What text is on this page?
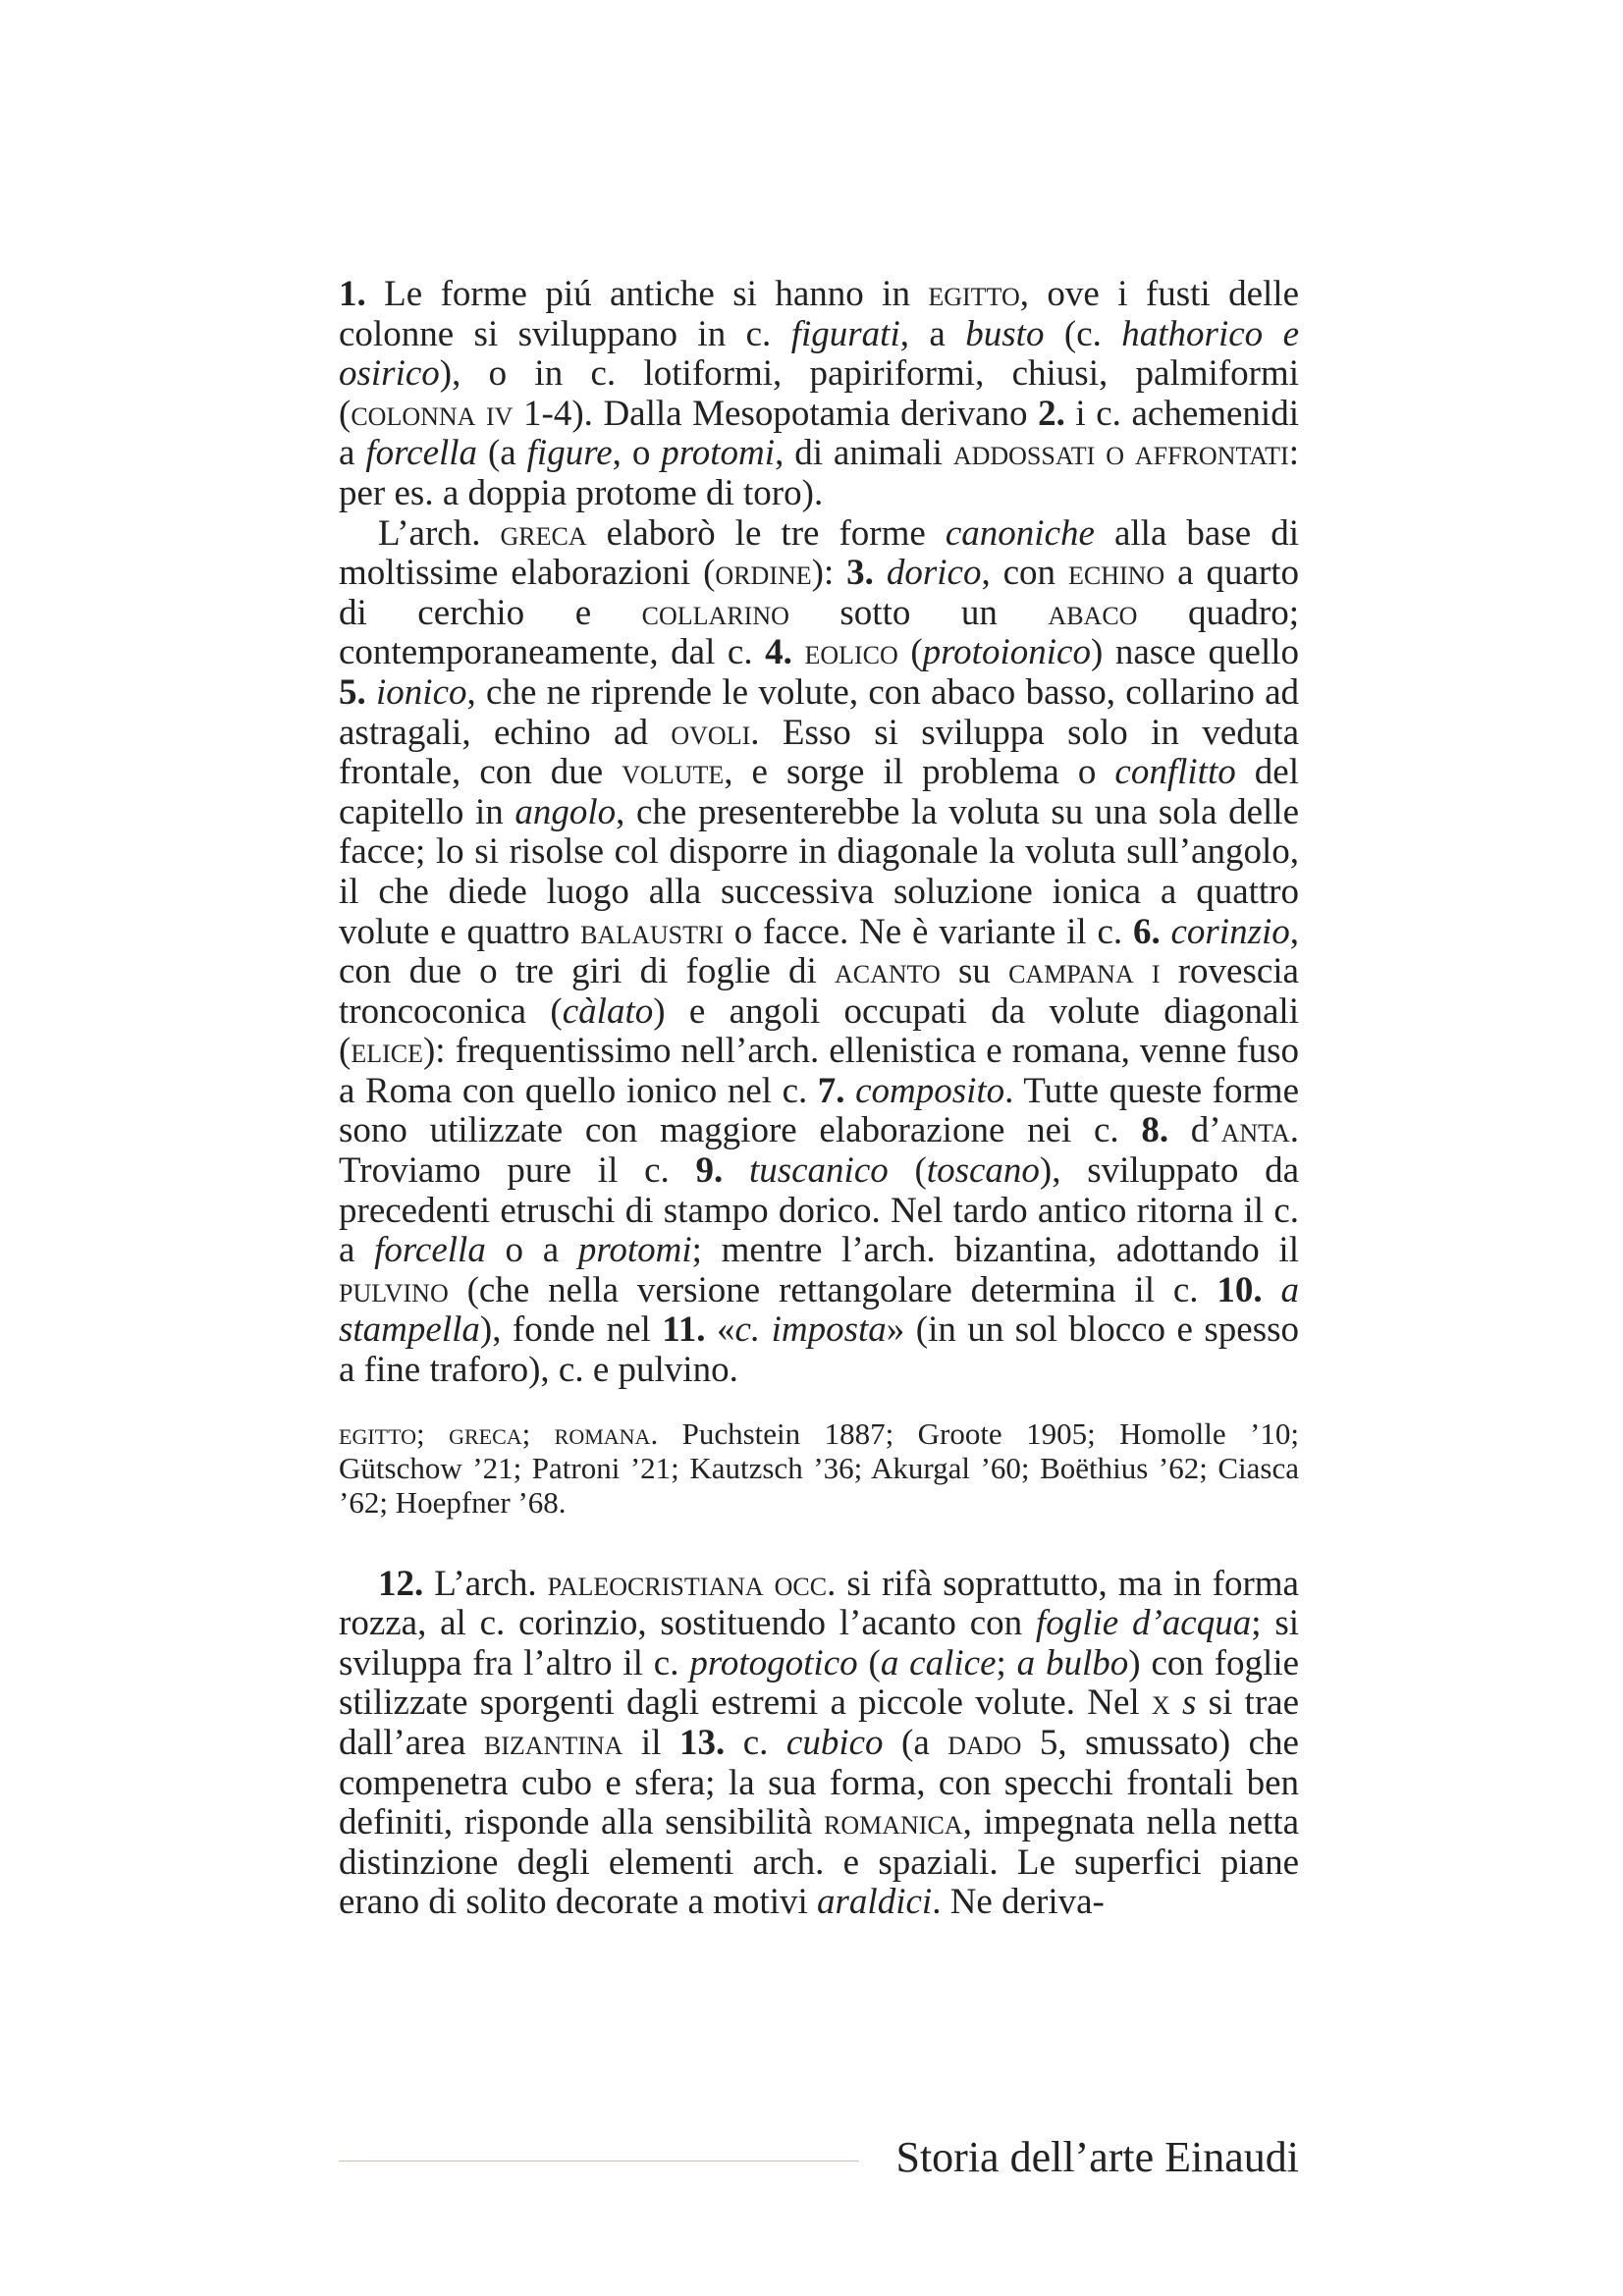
1. Le forme piú antiche si hanno in egitto, ove i fusti delle colonne si sviluppano in c. figurati, a busto (c. hathorico e osirico), o in c. lotiformi, papiriformi, chiusi, palmiformi (colonna iv 1-4). Dalla Mesopotamia derivano 2. i c. achemenidi a forcella (a figure, o protomi, di animali addossati o affrontati: per es. a doppia protome di toro).

L’arch. greca elaborò le tre forme canoniche alla base di moltissime elaborazioni (ordine): 3. dorico, con echino a quarto di cerchio e collarino sotto un abaco quadro; contemporaneamente, dal c. 4. eolico (protoionico) nasce quello 5. ionico, che ne riprende le volute, con abaco basso, collarino ad astragali, echino ad ovoli. Esso si sviluppa solo in veduta frontale, con due volute, e sorge il problema o conflitto del capitello in angolo, che presenterebbe la voluta su una sola delle facce; lo si risolse col disporre in diagonale la voluta sull’angolo, il che diede luogo alla successiva soluzione ionica a quattro volute e quattro balaustri o facce. Ne è variante il c. 6. corinzio, con due o tre giri di foglie di acanto su campana i rovescia troncoconica (càlato) e angoli occupati da volute diagonali (elice): frequentissimo nell’arch. ellenistica e romana, venne fuso a Roma con quello ionico nel c. 7. composito. Tutte queste forme sono utilizzate con maggiore elaborazione nei c. 8. d’anta. Troviamo pure il c. 9. tuscanico (toscano), sviluppato da precedenti etruschi di stampo dorico. Nel tardo antico ritorna il c. a forcella o a protomi; mentre l’arch. bizantina, adottando il pulvino (che nella versione rettangolare determina il c. 10. a stampella), fonde nel 11. «c. imposta» (in un sol blocco e spesso a fine traforo), c. e pulvino.

egitto; greca; romana. Puchstein 1887; Groote 1905; Homolle ’10; Gütschow ’21; Patroni ’21; Kautzsch ’36; Akurgal ’60; Boëthius ’62; Ciasca ’62; Hoepfner ’68.

12. L’arch. paleocristiana occ. si rifà soprattutto, ma in forma rozza, al c. corinzio, sostituendo l’acanto con foglie d’acqua; si sviluppa fra l’altro il c. protogotico (a calice; a bulbo) con foglie stilizzate sporgenti dagli estremi a piccole volute. Nel x s si trae dall’area bizantina il 13. c. cubico (a dado 5, smussato) che compenetra cubo e sfera; la sua forma, con specchi frontali ben definiti, risponde alla sensibilità romanica, impegnata nella netta distinzione degli elementi arch. e spaziali. Le superfici piane erano di solito decorate a motivi araldici. Ne deriva-

Storia dell’arte Einaudi
